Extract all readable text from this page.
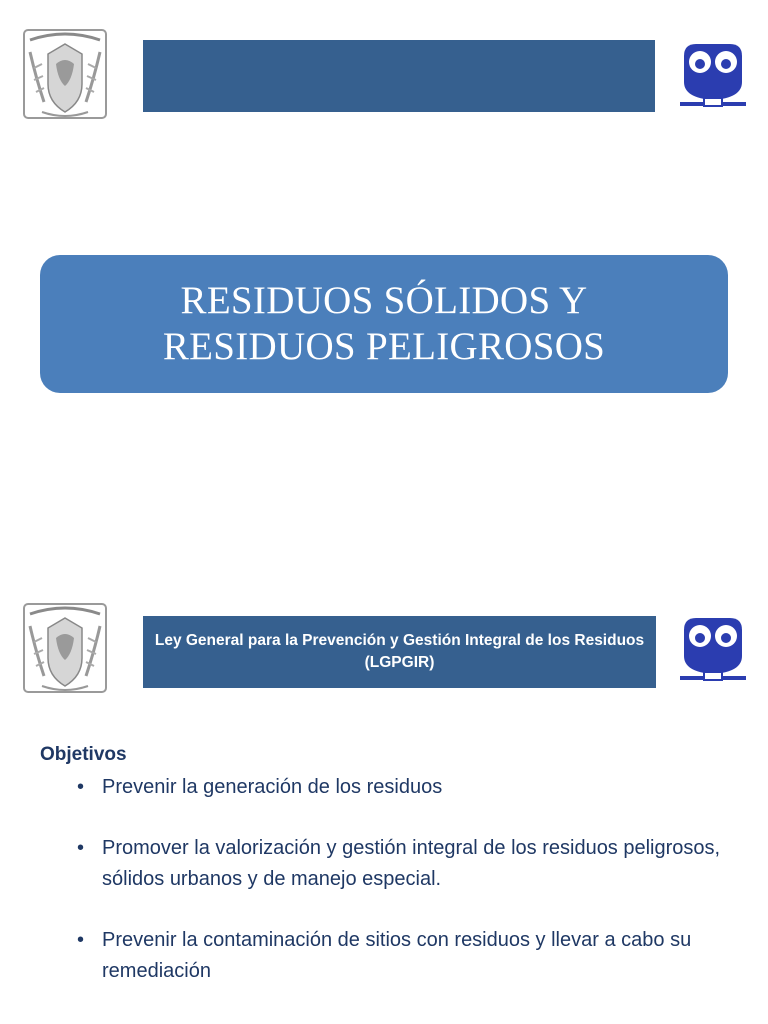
RESIDUOS SÓLIDOS Y
RESIDUOS PELIGROSOS
Ley General para la Prevención y Gestión Integral de los Residuos (LGPGIR)
Objetivos
• Prevenir la generación de los residuos
• Promover la valorización y gestión integral de los residuos peligrosos, sólidos urbanos y de manejo especial.
• Prevenir la contaminación de sitios con residuos y llevar a cabo su remediación
